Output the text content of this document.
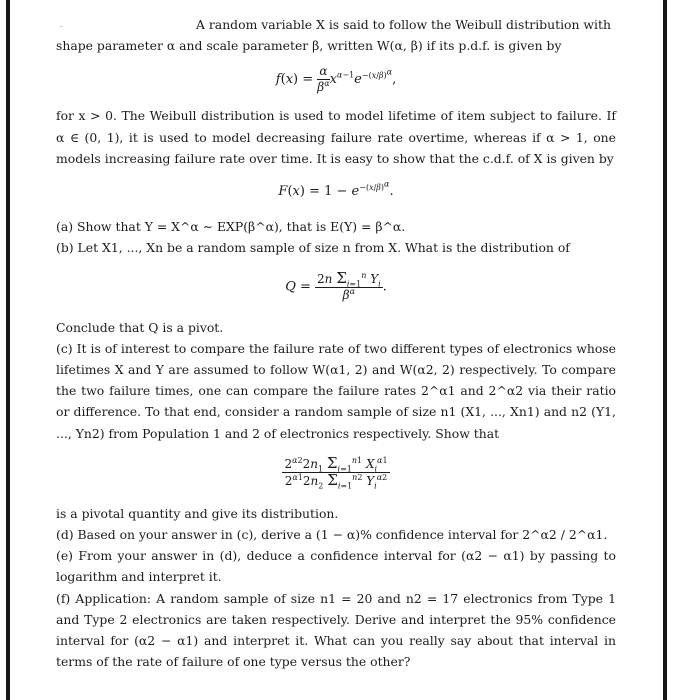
-	A random variable X is said to follow the Weibull distribution with

shape parameter α and scale parameter β, written W(α, β) if its p.d.f. is given by

$f(x) = \frac{\alpha}{\beta^\alpha} x^{\alpha-1}e^{-(x/\beta)^\alpha}$,

for x > 0. The Weibull distribution is used to model lifetime of item subject to failure. If α ∈ (0, 1), it is used to model decreasing failure rate overtime, whereas if α > 1, one models increasing failure rate over time. It is easy to show that the c.d.f. of X is given by

$F(x) = 1 - e^{-(x/\beta)^\alpha}$.

(a) Show that Y = X^α ∼ EXP(β^α), that is E(Y) = β^α.

(b) Let X1, ..., Xn be a random sample of size n from X. What is the distribution of

$Q = \frac{2n \Sigma_{i=1}^n Y_i}{\beta^\alpha}$ .

Conclude that Q is a pivot.

(c) It is of interest to compare the failure rate of two different types of electronics whose lifetimes X and Y are assumed to follow W(α1, 2) and W(α2, 2) respectively. To compare the two failure times, one can compare the failure rates 2^α1 and 2^α2 via their ratio or difference. To that end, consider a random sample of size n1 (X1, ..., Xn1) and n2 (Y1, ..., Yn2) from Population 1 and 2 of electronics respectively. Show that

$\frac{2^{\alpha 2}2n_1 \Sigma_{i=1}^{n1} X_i^{\alpha 1}}{2^{\alpha 1}2n_2 \Sigma_{i=1}^{n2} Y_i^{\alpha 2}}$

is a pivotal quantity and give its distribution.

(d) Based on your answer in (c), derive a (1 − α)% confidence interval for 2^α2 / 2^α1.

(e) From your answer in (d), deduce a confidence interval for (α2 − α1) by passing to logarithm and interpret it.

(f) Application: A random sample of size n1 = 20 and n2 = 17 electronics from Type 1 and Type 2 electronics are taken respectively. Derive and interpret the 95% confidence interval for (α2 − α1) and interpret it. What can you really say about that interval in terms of the rate of failure of one type versus the other?
